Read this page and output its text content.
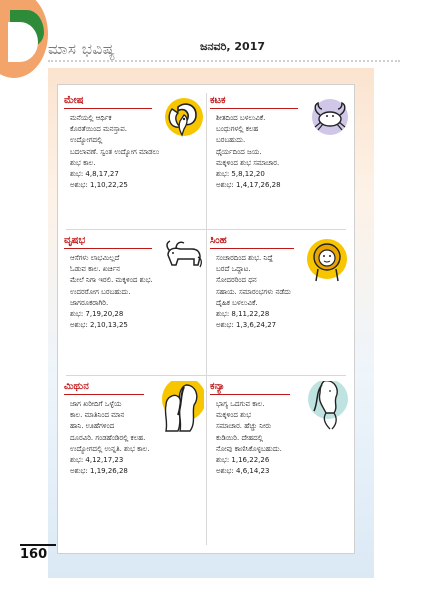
ಮಾಸ ಭವಿಷ್ಯ	ಜನವರಿ, 2017
ಮೇಷ
ಮನೆಯಲ್ಲಿ ಆರ್ಥಿಕ
ಕೊರತೆಯಿಂದ ಮನಸ್ತಾಪ.
ಉದ್ಯೋಗದಲ್ಲಿ
ಬದಲಾವಣೆ. ಸ್ವಂತ ಉದ್ಯೋಗ ಮಾಡಲು
ಶುಭ ಕಾಲ.
ಶುಭ: 4,8,17,27
ಅಶುಭ: 1,10,22,25
ಕಟಕ
ಶೀತದಿಂದ ಬಳಲುವಿಕೆ.
ಬಂಧುಗಳಲ್ಲಿ ಕಲಹ
ಬರಬಹುದು.
ಧೈರ್ಯದಿಂದ ಜಯ.
ಮಕ್ಕಳಿಂದ ಶುಭ ಸಮಾಚಾರ.
ಶುಭ: 5,8,12,20
ಅಶುಭ: 1,4,17,26,28
ವೃಷಭ
ಆಸೆಗಳು ಲಾಭಮಿಲ್ಲದೆ
ಓಡುವ ಕಾಲ. ಖರ್ಚಿನ
ಮೇಲೆ ನಿಗಾ ಇರಲಿ. ಮಕ್ಕಳಿಂದ ಶುಭ.
ಉದರರೋಗ ಬರಬಹುದು.
ಜಾಗರೂಕರಾಗಿರಿ.
ಶುಭ: 7,19,20,28
ಅಶುಭ: 2,10,13,25
ಸಿಂಹ
ಸಂಚಾರದಿಂದ ಶುಭ. ನಿದ್ದೆ
ಬರದೆ ಒದ್ದಾಟ.
ಸೋದರರಿಂದ ಧನ
ಸಹಾಯ. ಸಮಾರಂಭಗಳು ನಡೆದು
ದೈಹಿಕ ಬಳಲುವಿಕೆ.
ಶುಭ: 8,11,22,28
ಅಶುಭ: 1,3,6,24,27
ಮಿಥುನ
ಜಾಗ ಖರೀದಿಗೆ ಒಳ್ಳೆಯ
ಕಾಲ. ಮಾತಿನಿಂದ ಮಾನ
ಹಾನಿ. ಊಹೆಗಳಿಂದ
ದೂರವಿರಿ. ಗಂಡಹೆಂಡಿರಲ್ಲಿ ಕಲಹ.
ಉದ್ಯೋಗದಲ್ಲಿ ಉನ್ನತಿ. ಶುಭ ಕಾಲ.
ಶುಭ: 4,12,17,23
ಅಶುಭ: 1,19,26,28
ಕನ್ಯಾ
ಭಾಗ್ಯ ಒದಗುವ ಕಾಲ.
ಮಕ್ಕಳಿಂದ ಶುಭ
ಸಮಾಚಾರ. ಹೆಚ್ಚು ನೀರು
ಕುಡಿಯಿರಿ. ದೇಹದಲ್ಲಿ
ನೋವು ಕಾಣಿಸಿಕೊಳ್ಳಬಹುದು.
ಶುಭ: 1,16,22,26
ಅಶುಭ: 4,6,14,23
160
